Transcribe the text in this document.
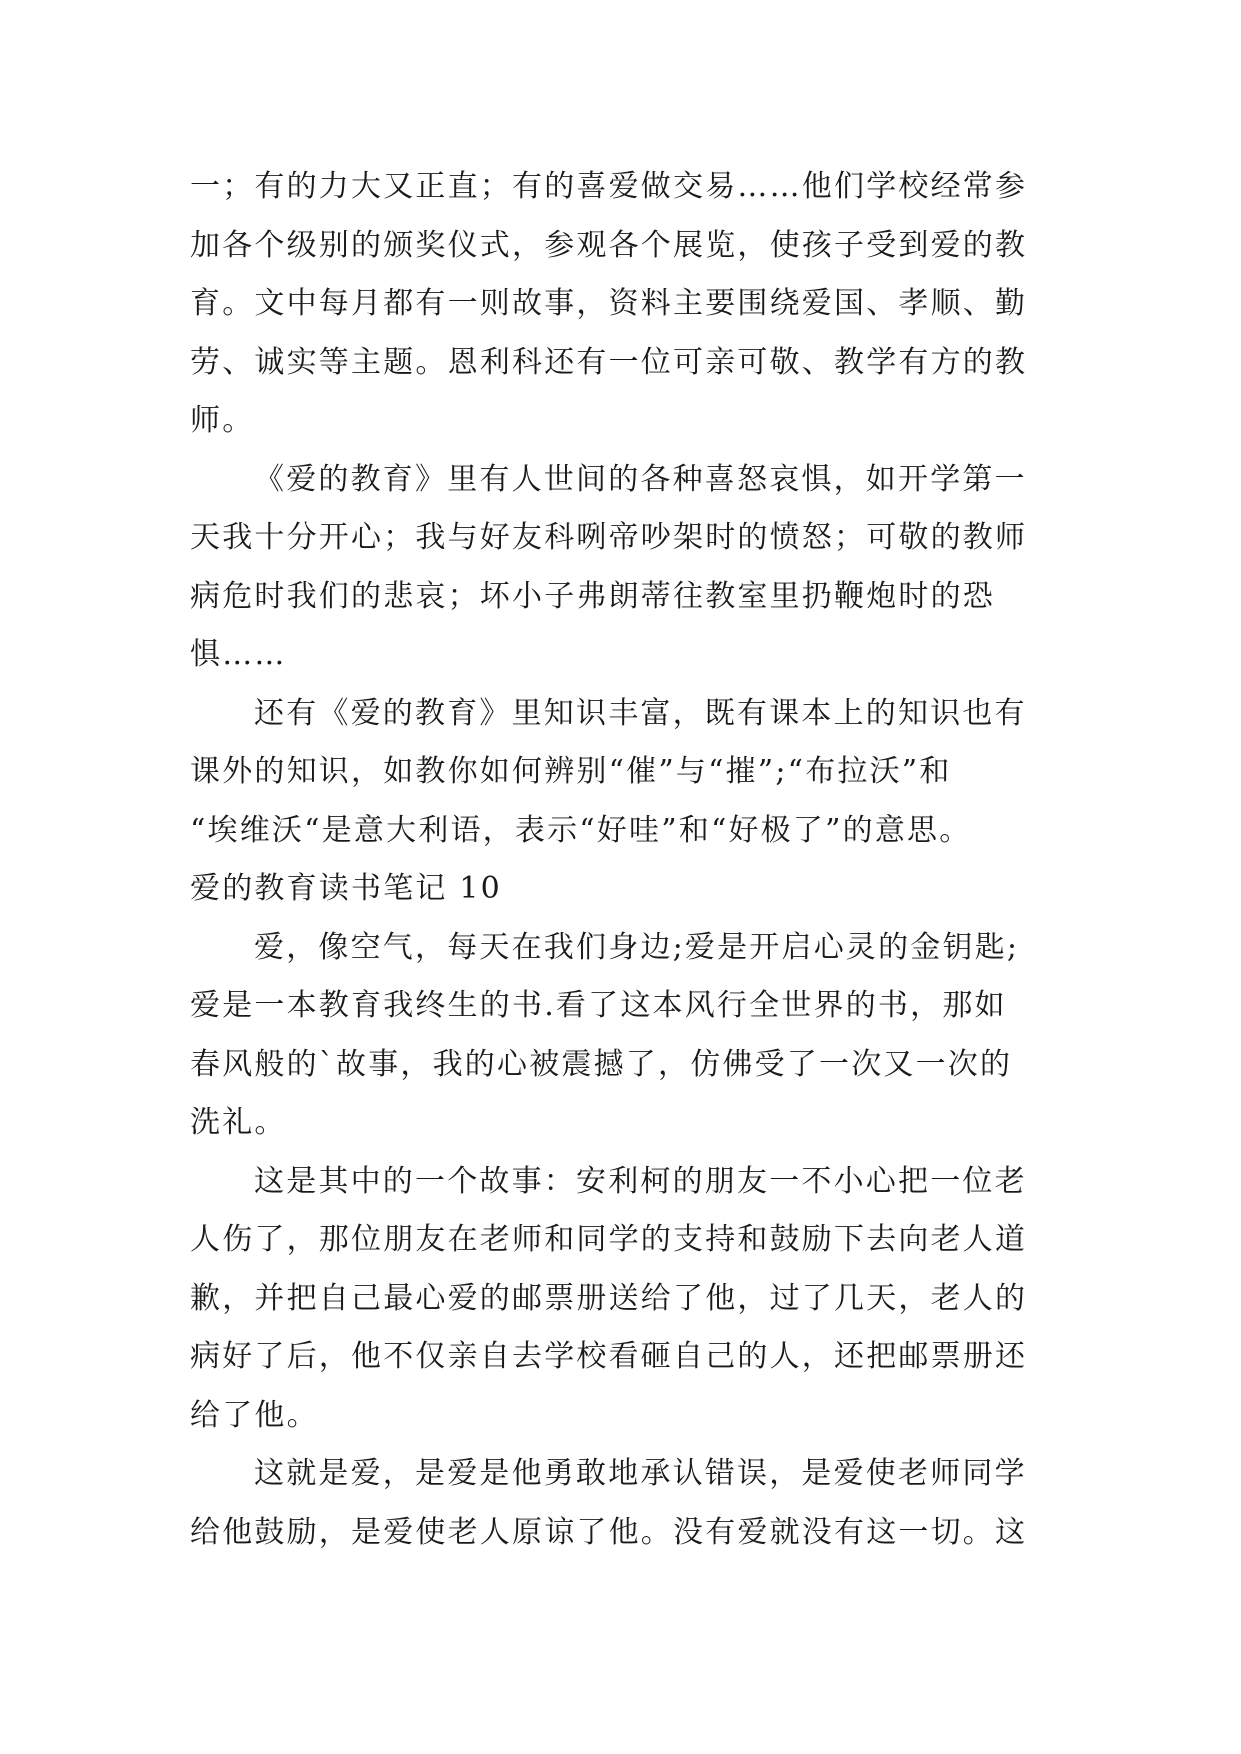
一；有的力大又正直；有的喜爱做交易……他们学校经常参
加各个级别的颁奖仪式，参观各个展览，使孩子受到爱的教
育。文中每月都有一则故事，资料主要围绕爱国、孝顺、勤
劳、诚实等主题。恩利科还有一位可亲可敬、教学有方的教
师。
《爱的教育》里有人世间的各种喜怒哀惧，如开学第一
天我十分开心；我与好友科咧帝吵架时的愤怒；可敬的教师
病危时我们的悲哀；坏小子弗朗蒂往教室里扔鞭炮时的恐
惧……
还有《爱的教育》里知识丰富，既有课本上的知识也有
课外的知识，如教你如何辨别“催”与“摧”;“布拉沃”和
“埃维沃“是意大利语，表示“好哇”和“好极了”的意思。
爱的教育读书笔记 10
爱，像空气，每天在我们身边;爱是开启心灵的金钥匙;
爱是一本教育我终生的书.看了这本风行全世界的书，那如
春风般的`故事，我的心被震撼了，仿佛受了一次又一次的
洗礼。
这是其中的一个故事：安利柯的朋友一不小心把一位老
人伤了，那位朋友在老师和同学的支持和鼓励下去向老人道
歉，并把自己最心爱的邮票册送给了他，过了几天，老人的
病好了后，他不仅亲自去学校看砸自己的人，还把邮票册还
给了他。
这就是爱，是爱是他勇敢地承认错误，是爱使老师同学
给他鼓励，是爱使老人原谅了他。没有爱就没有这一切。这
